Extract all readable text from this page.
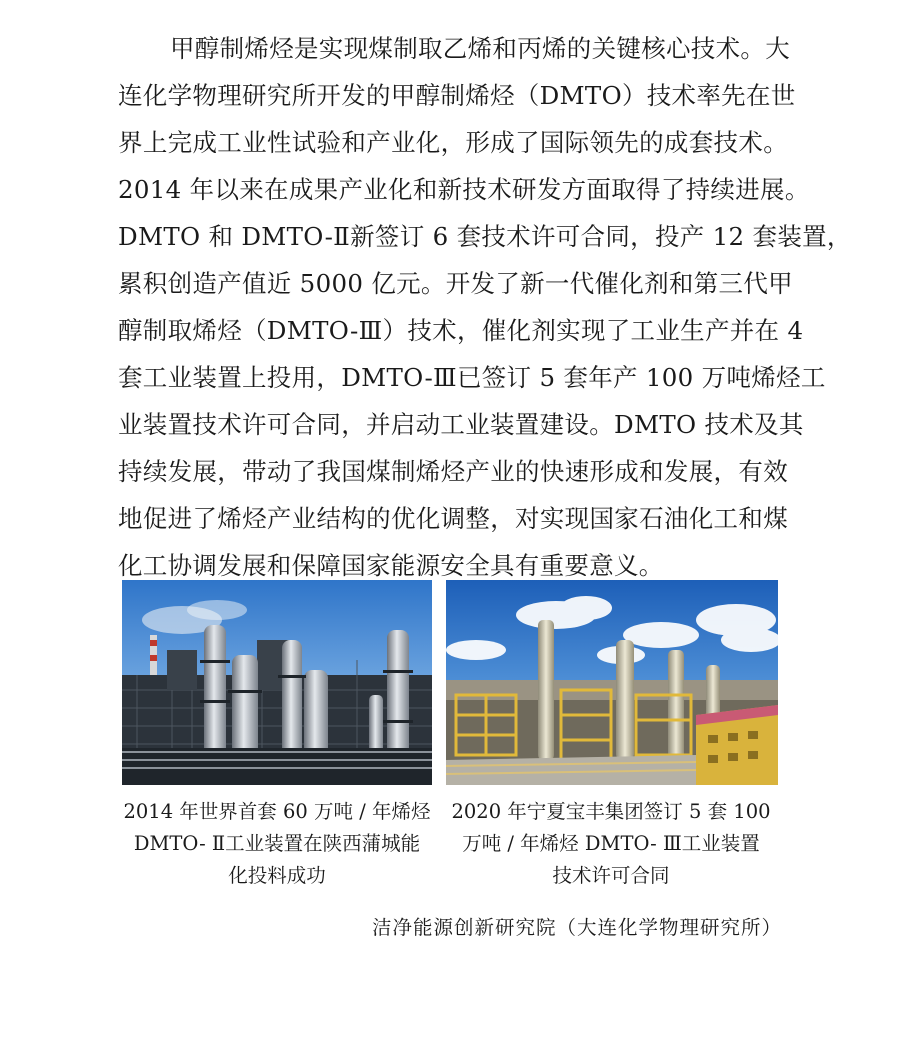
甲醇制烯烃是实现煤制取乙烯和丙烯的关键核心技术。大
连化学物理研究所开发的甲醇制烯烃（DMTO）技术率先在世
界上完成工业性试验和产业化，形成了国际领先的成套技术。
2014 年以来在成果产业化和新技术研发方面取得了持续进展。
DMTO 和 DMTO-Ⅱ新签订 6 套技术许可合同，投产 12 套装置，
累积创造产值近 5000 亿元。开发了新一代催化剂和第三代甲
醇制取烯烃（DMTO-Ⅲ）技术，催化剂实现了工业生产并在 4
套工业装置上投用，DMTO-Ⅲ已签订 5 套年产 100 万吨烯烃工
业装置技术许可合同，并启动工业装置建设。DMTO 技术及其
持续发展，带动了我国煤制烯烃产业的快速形成和发展，有效
地促进了烯烃产业结构的优化调整，对实现国家石油化工和煤
化工协调发展和保障国家能源安全具有重要意义。
2014 年世界首套 60 万吨 / 年烯烃
DMTO- Ⅱ工业装置在陕西蒲城能
化投料成功
2020 年宁夏宝丰集团签订 5 套 100
万吨 / 年烯烃 DMTO- Ⅲ工业装置
技术许可合同
洁净能源创新研究院（大连化学物理研究所）
